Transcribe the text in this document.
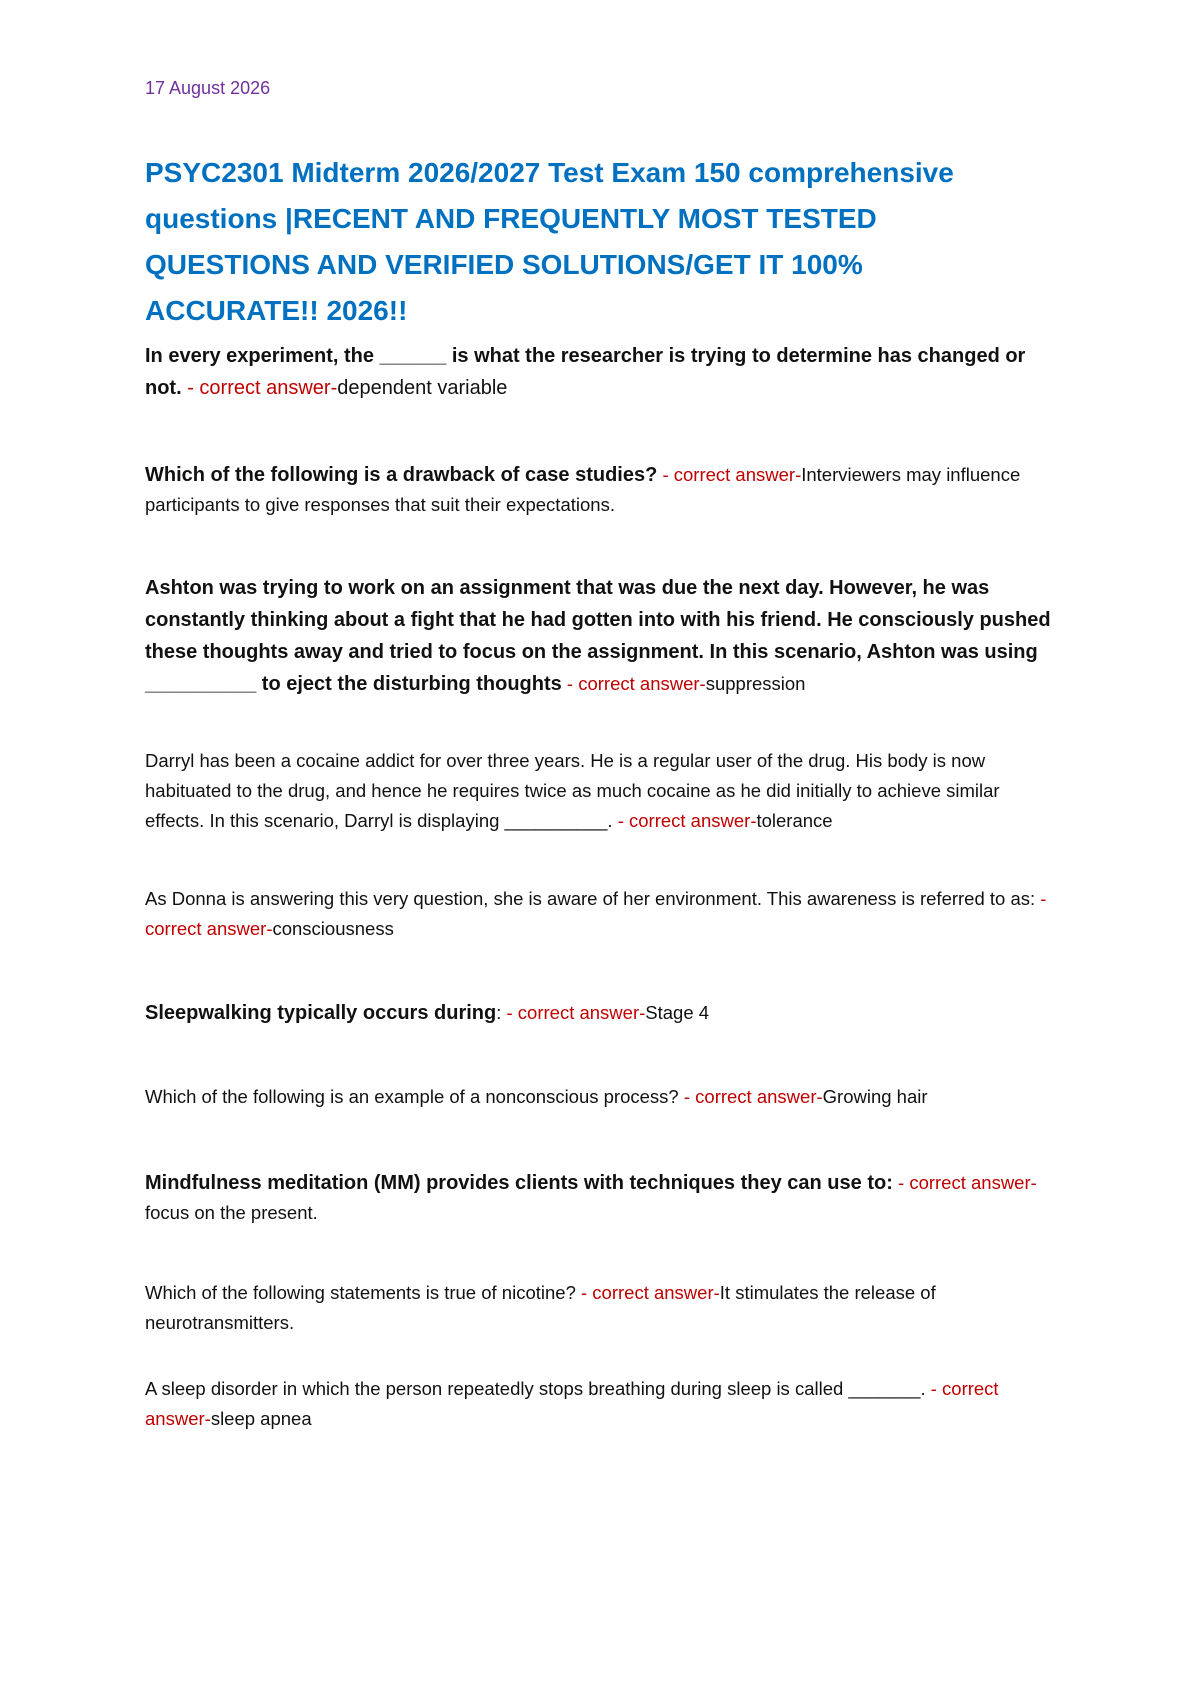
17 August 2026
PSYC2301 Midterm 2026/2027 Test Exam 150 comprehensive questions |RECENT AND FREQUENTLY MOST TESTED QUESTIONS AND VERIFIED SOLUTIONS/GET IT 100% ACCURATE!! 2026!!

In every experiment, the ______ is what the researcher is trying to determine has changed or not. - correct answer-dependent variable

Which of the following is a drawback of case studies? - correct answer-Interviewers may influence participants to give responses that suit their expectations.

Ashton was trying to work on an assignment that was due the next day. However, he was constantly thinking about a fight that he had gotten into with his friend. He consciously pushed these thoughts away and tried to focus on the assignment. In this scenario, Ashton was using __________ to eject the disturbing thoughts - correct answer-suppression

Darryl has been a cocaine addict for over three years. He is a regular user of the drug. His body is now habituated to the drug, and hence he requires twice as much cocaine as he did initially to achieve similar effects. In this scenario, Darryl is displaying __________. - correct answer-tolerance

As Donna is answering this very question, she is aware of her environment. This awareness is referred to as: - correct answer-consciousness

Sleepwalking typically occurs during: - correct answer-Stage 4

Which of the following is an example of a nonconscious process? - correct answer-Growing hair

Mindfulness meditation (MM) provides clients with techniques they can use to: - correct answer-focus on the present.

Which of the following statements is true of nicotine? - correct answer-It stimulates the release of neurotransmitters.

A sleep disorder in which the person repeatedly stops breathing during sleep is called _______. - correct answer-sleep apnea
